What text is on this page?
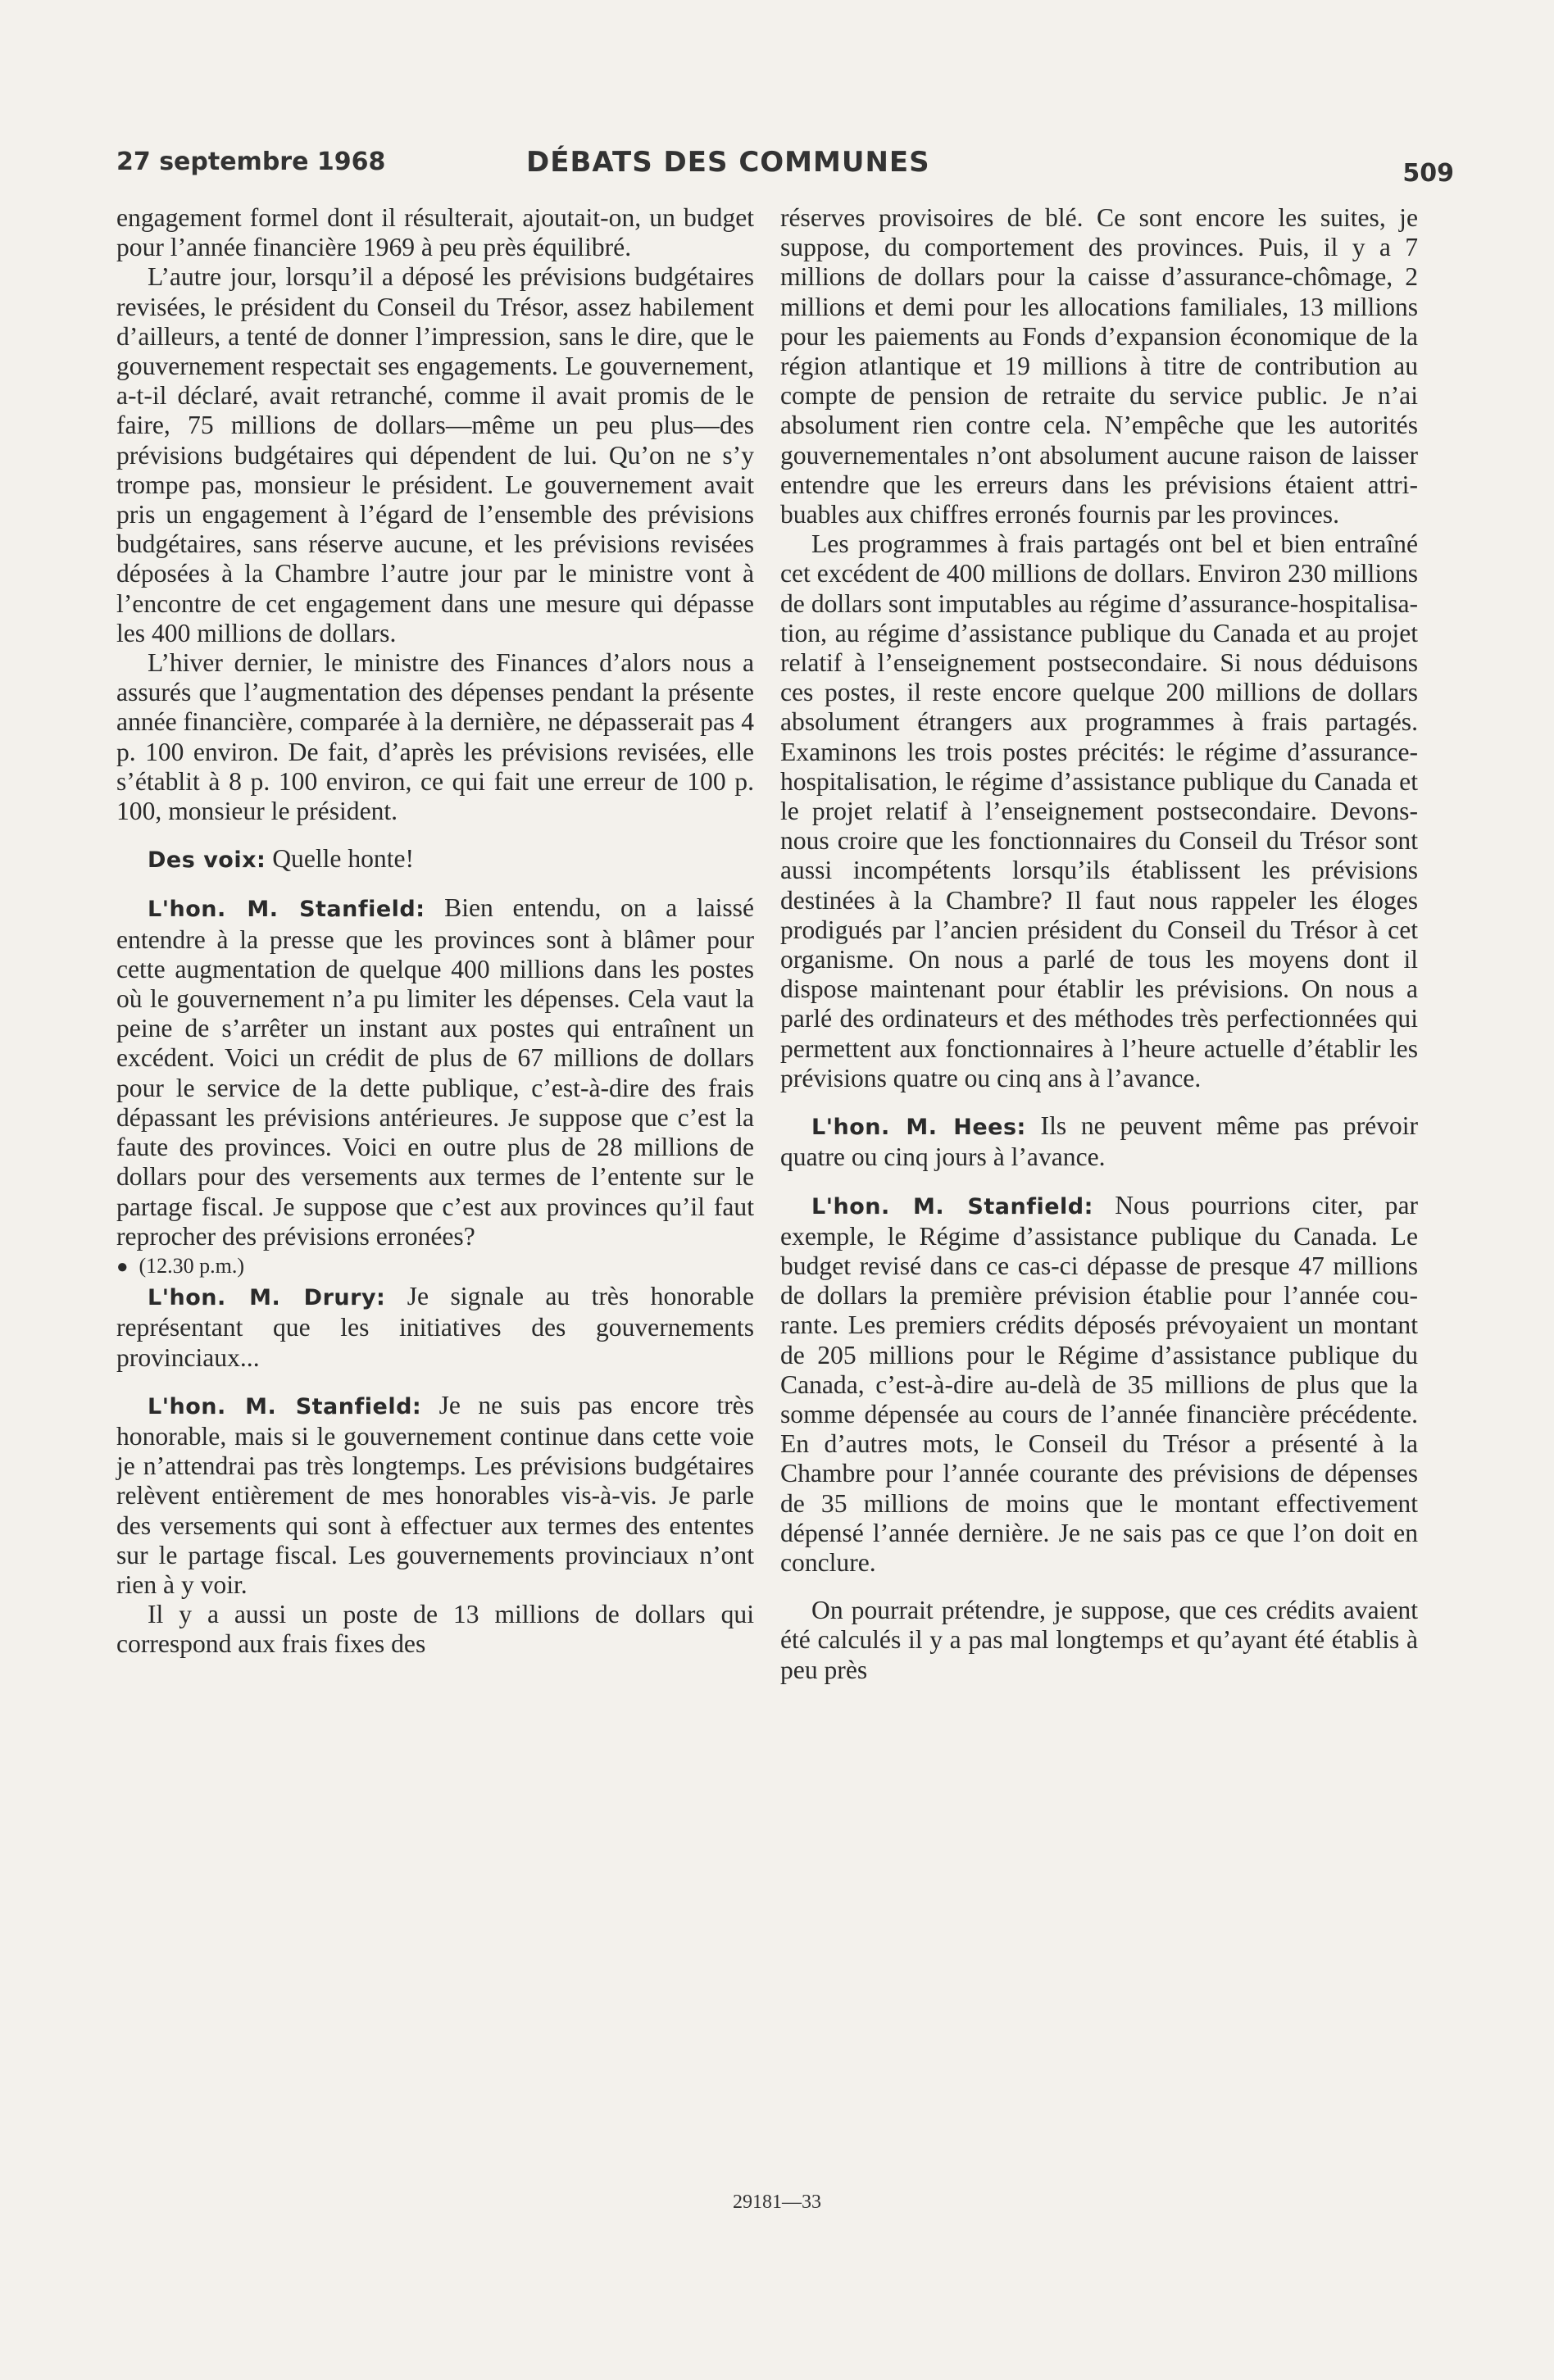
27 septembre 1968	DÉBATS DES COMMUNES	509

engagement formel dont il résulterait, ajoutait-on, un budget pour l’année financière 1969 à peu près équilibré.

L’autre jour, lorsqu’il a déposé les prévisions budgétaires revisées, le président du Conseil du Trésor, assez habilement d’ailleurs, a tenté de donner l’impression, sans le dire, que le gouvernement respectait ses engagements. Le gouvernement, a-t-il déclaré, avait retranché, comme il avait promis de le faire, 75 millions de dollars—même un peu plus—des prévisions budgétaires qui dépendent de lui. Qu’on ne s’y trompe pas, monsieur le président. Le gouvernement avait pris un engagement à l’égard de l’ensemble des prévisions budgétaires, sans réserve aucune, et les prévisions revisées déposées à la Chambre l’autre jour par le ministre vont à l’encontre de cet engagement dans une mesure qui dépasse les 400 millions de dollars.

L’hiver dernier, le ministre des Finances d’alors nous a assurés que l’augmentation des dépenses pendant la présente année financière, comparée à la dernière, ne dépasserait pas 4 p. 100 environ. De fait, d’après les prévisions revisées, elle s’établit à 8 p. 100 environ, ce qui fait une erreur de 100 p. 100, monsieur le président.

Des voix: Quelle honte!

L'hon. M. Stanfield: Bien entendu, on a laissé entendre à la presse que les provinces sont à blâmer pour cette augmentation de quelque 400 millions dans les postes où le gouvernement n’a pu limiter les dépenses. Cela vaut la peine de s’arrêter un instant aux postes qui entraînent un excédent. Voici un crédit de plus de 67 millions de dollars pour le service de la dette publique, c’est-à-dire des frais dépassant les prévisions antérieures. Je suppose que c’est la faute des provinces. Voici en outre plus de 28 millions de dollars pour des versements aux termes de l’entente sur le partage fiscal. Je suppose que c’est aux provinces qu’il faut reprocher des prévisions erronées?

● (12.30 p.m.)

L'hon. M. Drury: Je signale au très honorable représentant que les initiatives des gouvernements provinciaux...

L'hon. M. Stanfield: Je ne suis pas encore très honorable, mais si le gouvernement continue dans cette voie je n’attendrai pas très longtemps. Les prévisions budgétaires relèvent entièrement de mes honorables vis-à-vis. Je parle des versements qui sont à effectuer aux termes des ententes sur le partage fiscal. Les gouvernements provinciaux n’ont rien à y voir.

Il y a aussi un poste de 13 millions de dollars qui correspond aux frais fixes des

réserves provisoires de blé. Ce sont encore les suites, je suppose, du comportement des provinces. Puis, il y a 7 millions de dollars pour la caisse d’assurance-chômage, 2 millions et demi pour les allocations familiales, 13 millions pour les paiements au Fonds d’expansion économique de la région atlantique et 19 millions à titre de contribution au compte de pension de retraite du service public. Je n’ai absolument rien contre cela. N’empêche que les autorités gouvernementales n’ont absolument aucune raison de laisser entendre que les erreurs dans les prévisions étaient attribuables aux chiffres erronés fournis par les provinces.

Les programmes à frais partagés ont bel et bien entraîné cet excédent de 400 millions de dollars. Environ 230 millions de dollars sont imputables au régime d’assurance-hospitalisation, au régime d’assistance publique du Canada et au projet relatif à l’enseignement postsecondaire. Si nous déduisons ces postes, il reste encore quelque 200 millions de dollars absolument étrangers aux programmes à frais partagés. Examinons les trois postes précités: le régime d’assurance-hospitalisation, le régime d’assistance publique du Canada et le projet relatif à l’enseignement postsecondaire. Devons-nous croire que les fonctionnaires du Conseil du Trésor sont aussi incompétents lorsqu’ils établissent les prévisions destinées à la Chambre? Il faut nous rappeler les éloges prodigués par l’ancien président du Conseil du Trésor à cet organisme. On nous a parlé de tous les moyens dont il dispose maintenant pour établir les prévisions. On nous a parlé des ordinateurs et des méthodes très perfectionnées qui permettent aux fonctionnaires à l’heure actuelle d’établir les prévisions quatre ou cinq ans à l’avance.

L'hon. M. Hees: Ils ne peuvent même pas prévoir quatre ou cinq jours à l’avance.

L'hon. M. Stanfield: Nous pourrions citer, par exemple, le Régime d’assistance publique du Canada. Le budget revisé dans ce cas-ci dépasse de presque 47 millions de dollars la première prévision établie pour l’année courante. Les premiers crédits déposés prévoyaient un montant de 205 millions pour le Régime d’assistance publique du Canada, c’est-à-dire au-delà de 35 millions de plus que la somme dépensée au cours de l’année financière précédente. En d’autres mots, le Conseil du Trésor a présenté à la Chambre pour l’année courante des prévisions de dépenses de 35 millions de moins que le montant effectivement dépensé l’année dernière. Je ne sais pas ce que l’on doit en conclure.

On pourrait prétendre, je suppose, que ces crédits avaient été calculés il y a pas mal longtemps et qu’ayant été établis à peu près

29181—33
